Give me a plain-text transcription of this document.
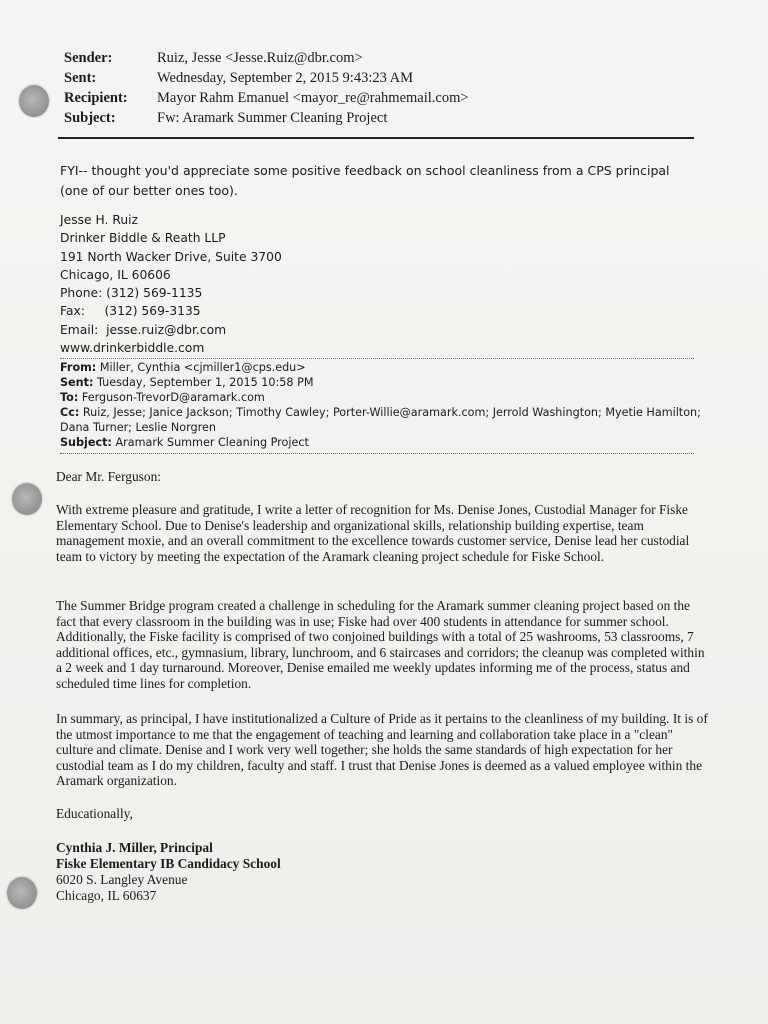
Sender:	Ruiz, Jesse <Jesse.Ruiz@dbr.com>
Sent:	Wednesday, September 2, 2015 9:43:23 AM
Recipient: Mayor Rahm Emanuel <mayor_re@rahmemail.com>
Subject:	Fw: Aramark Summer Cleaning Project
FYI-- thought you'd appreciate some positive feedback on school cleanliness from a CPS principal (one of our better ones too).
Jesse H. Ruiz
Drinker Biddle & Reath LLP
191 North Wacker Drive, Suite 3700
Chicago, IL 60606
Phone: (312) 569-1135
Fax:     (312) 569-3135
Email:  jesse.ruiz@dbr.com
www.drinkerbiddle.com
From: Miller, Cynthia <cjmiller1@cps.edu>
Sent: Tuesday, September 1, 2015 10:58 PM
To: Ferguson-TrevorD@aramark.com
Cc: Ruiz, Jesse; Janice Jackson; Timothy Cawley; Porter-Willie@aramark.com; Jerrold Washington; Myetie Hamilton; Dana Turner; Leslie Norgren
Subject: Aramark Summer Cleaning Project

Dear Mr. Ferguson:

With extreme pleasure and gratitude, I write a letter of recognition for Ms. Denise Jones, Custodial Manager for Fiske Elementary School. Due to Denise's leadership and organizational skills, relationship building expertise, team management moxie, and an overall commitment to the excellence towards customer service, Denise lead her custodial team to victory by meeting the expectation of the Aramark cleaning project schedule for Fiske School.

The Summer Bridge program created a challenge in scheduling for the Aramark summer cleaning project based on the fact that every classroom in the building was in use; Fiske had over 400 students in attendance for summer school. Additionally, the Fiske facility is comprised of two conjoined buildings with a total of 25 washrooms, 53 classrooms, 7 additional offices, etc., gymnasium, library, lunchroom, and 6 staircases and corridors; the cleanup was completed within a 2 week and 1 day turnaround. Moreover, Denise emailed me weekly updates informing me of the process, status and scheduled time lines for completion.

In summary, as principal, I have institutionalized a Culture of Pride as it pertains to the cleanliness of my building. It is of the utmost importance to me that the engagement of teaching and learning and collaboration take place in a "clean" culture and climate. Denise and I work very well together; she holds the same standards of high expectation for her custodial team as I do my children, faculty and staff. I trust that Denise Jones is deemed as a valued employee within the Aramark organization.

Educationally,
Cynthia J. Miller, Principal
Fiske Elementary IB Candidacy School
6020 S. Langley Avenue
Chicago, IL 60637
